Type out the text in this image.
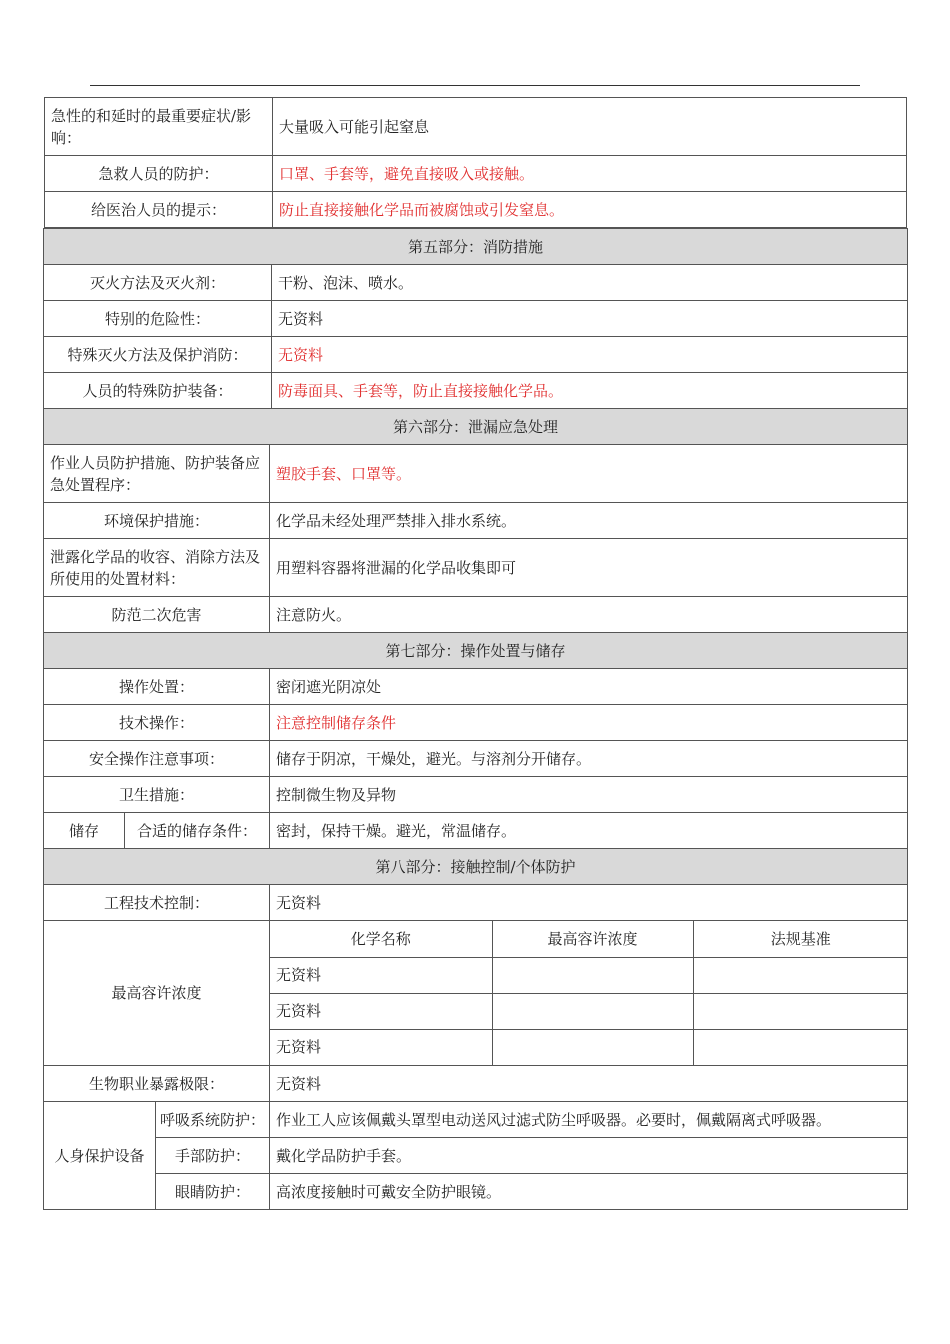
急性的和延时的最重要症状/影响：	大量吸入可能引起窒息
急救人员的防护：	口罩、手套等，避免直接吸入或接触。
给医治人员的提示：	防止直接接触化学品而被腐蚀或引发窒息。
第五部分：消防措施	
灭火方法及灭火剂：	干粉、泡沫、喷水。
特别的危险性：	无资料
特殊灭火方法及保护消防：	无资料
人员的特殊防护装备：	防毒面具、手套等，防止直接接触化学品。
第六部分：泄漏应急处理	
作业人员防护措施、防护装备应急处置程序：	塑胶手套、口罩等。
环境保护措施：	化学品未经处理严禁排入排水系统。
泄露化学品的收容、消除方法及所使用的处置材料：	用塑料容器将泄漏的化学品收集即可
防范二次危害	注意防火。
第七部分：操作处置与储存		
操作处置：		密闭遮光阴凉处
技术操作：		注意控制储存条件
安全操作注意事项：		储存于阴凉，干燥处，避光。与溶剂分开储存。
卫生措施：		控制微生物及异物
储存	合适的储存条件：	密封，保持干燥。避光，常温储存。
第八部分：接触控制/个体防护
工程技术控制：	无资料
最高容许浓度	
化学名称	最高容许浓度	法规基准
无资料		
无资料		
无资料		

生物职业暴露极限：	无资料
人身保护设备	呼吸系统防护：	作业工人应该佩戴头罩型电动送风过滤式防尘呼吸器。必要时，佩戴隔离式呼吸器。
手部防护：	戴化学品防护手套。
眼睛防护：	高浓度接触时可戴安全防护眼镜。
